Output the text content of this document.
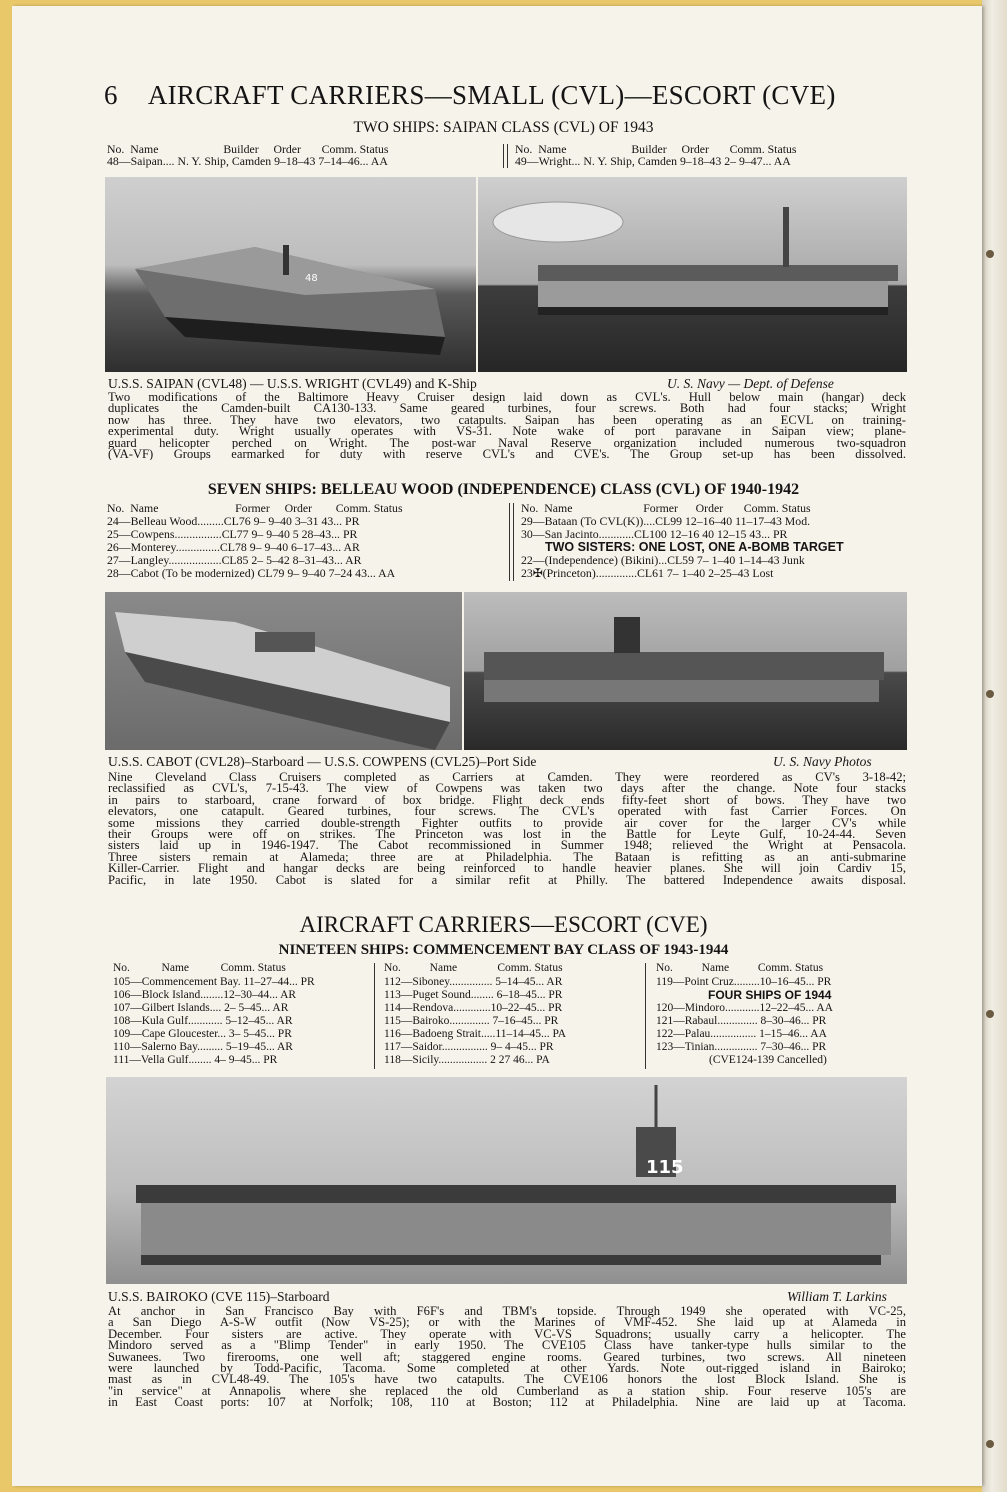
6 AIRCRAFT CARRIERS—SMALL (CVL)—ESCORT (CVE)
TWO SHIPS: SAIPAN CLASS (CVL) OF 1943
No.  Name                      Builder     Order       Comm. Status
48—Saipan.... N. Y. Ship, Camden 9–18–43 7–14–46... AA
No.  Name                      Builder     Order       Comm. Status
49—Wright... N. Y. Ship, Camden 9–18–43 2– 9–47... AA
48
U.S.S. SAIPAN (CVL48) — U.S.S. WRIGHT (CVL49) and K-Ship	U. S. Navy — Dept. of Defense
Two modifications of the Baltimore Heavy Cruiser design laid down as CVL's. Hull below main (hangar) deck
duplicates the Camden-built CA130-133. Same geared turbines, four screws. Both had four stacks; Wright
now has three. They have two elevators, two catapults. Saipan has been operating as an ECVL on training-
experimental duty. Wright usually operates with VS-31. Note wake of port paravane in Saipan view; plane-
guard helicopter perched on Wright. The post-war Naval Reserve organization included numerous two-squadron
(VA-VF) Groups earmarked for duty with reserve CVL's and CVE's. The Group set-up has been dissolved.
SEVEN SHIPS: BELLEAU WOOD (INDEPENDENCE) CLASS (CVL) OF 1940-1942
No.  Name                          Former     Order        Comm. Status
24—Belleau Wood.........CL76 9– 9–40 3–31 43... PR
25—Cowpens................CL77 9– 9–40 5 28–43... PR
26—Monterey...............CL78 9– 9–40 6–17–43... AR
27—Langley..................CL85 2– 5–42 8–31–43... AR
28—Cabot (To be modernized) CL79 9– 9–40 7–24 43... AA
No.  Name                        Former      Order       Comm. Status
29—Bataan (To CVL(K))....CL99 12–16–40 11–17–43 Mod.
30—San Jacinto............CL100 12–16 40 12–15 43... PR
TWO SISTERS: ONE LOST, ONE A-BOMB TARGET
22—(Independence) (Bikini)...CL59 7– 1–40 1–14–43 Junk
23✠(Princeton)..............CL61 7– 1–40 2–25–43 Lost
U.S.S. CABOT (CVL28)–Starboard — U.S.S. COWPENS (CVL25)–Port Side	U. S. Navy Photos
Nine Cleveland Class Cruisers completed as Carriers at Camden. They were reordered as CV's 3-18-42;
reclassified as CVL's, 7-15-43. The view of Cowpens was taken two days after the change. Note four stacks
in pairs to starboard, crane forward of box bridge. Flight deck ends fifty-feet short of bows. They have two
elevators, one catapult. Geared turbines, four screws. The CVL's operated with fast Carrier Forces. On
some missions they carried double-strength Fighter outfits to provide air cover for the larger CV's while
their Groups were off on strikes. The Princeton was lost in the Battle for Leyte Gulf, 10-24-44. Seven
sisters laid up in 1946-1947. The Cabot recommissioned in Summer 1948; relieved the Wright at Pensacola.
Three sisters remain at Alameda; three are at Philadelphia. The Bataan is refitting as an anti-submarine
Killer-Carrier. Flight and hangar decks are being reinforced to handle heavier planes. She will join Cardiv 15,
Pacific, in late 1950. Cabot is slated for a similar refit at Philly. The battered Independence awaits disposal.
AIRCRAFT CARRIERS—ESCORT (CVE)
NINETEEN SHIPS: COMMENCEMENT BAY CLASS OF 1943-1944
No.           Name           Comm. Status
105—Commencement Bay. 11–27–44... PR
106—Block Island........12–30–44... AR
107—Gilbert Islands.... 2– 5–45... AR
108—Kula Gulf............ 5–12–45... AR
109—Cape Gloucester... 3– 5–45... PR
110—Salerno Bay......... 5–19–45... AR
111—Vella Gulf........ 4– 9–45... PR
No.          Name              Comm. Status
112—Siboney............... 5–14–45... AR
113—Puget Sound........ 6–18–45... PR
114—Rendova.............10–22–45... PR
115—Bairoko.............. 7–16–45... PR
116—Badoeng Strait.....11–14–45... PA
117—Saidor................ 9– 4–45... PR
118—Sicily................. 2 27 46... PA
No.          Name          Comm. Status
119—Point Cruz.........10–16–45... PR
FOUR SHIPS OF 1944
120—Mindoro............12–22–45... AA
121—Rabaul.............. 8–30–46... PR
122—Palau................ 1–15–46... AA
123—Tinian............... 7–30–46... PR
(CVE124-139 Cancelled)
115
U.S.S. BAIROKO (CVE 115)–Starboard	William T. Larkins
At anchor in San Francisco Bay with F6F's and TBM's topside. Through 1949 she operated with VC-25,
a San Diego A-S-W outfit (Now VS-25); or with the Marines of VMF-452. She laid up at Alameda in
December. Four sisters are active. They operate with VC-VS Squadrons; usually carry a helicopter. The
Mindoro served as a "Blimp Tender" in early 1950. The CVE105 Class have tanker-type hulls similar to the
Suwanees. Two firerooms, one well aft; staggered engine rooms. Geared turbines, two screws. All nineteen
were launched by Todd-Pacific, Tacoma. Some completed at other Yards. Note out-rigged island in Bairoko;
mast as in CVL48-49. The 105's have two catapults. The CVE106 honors the lost Block Island. She is
"in service" at Annapolis where she replaced the old Cumberland as a station ship. Four reserve 105's are
in East Coast ports: 107 at Norfolk; 108, 110 at Boston; 112 at Philadelphia. Nine are laid up at Tacoma.
